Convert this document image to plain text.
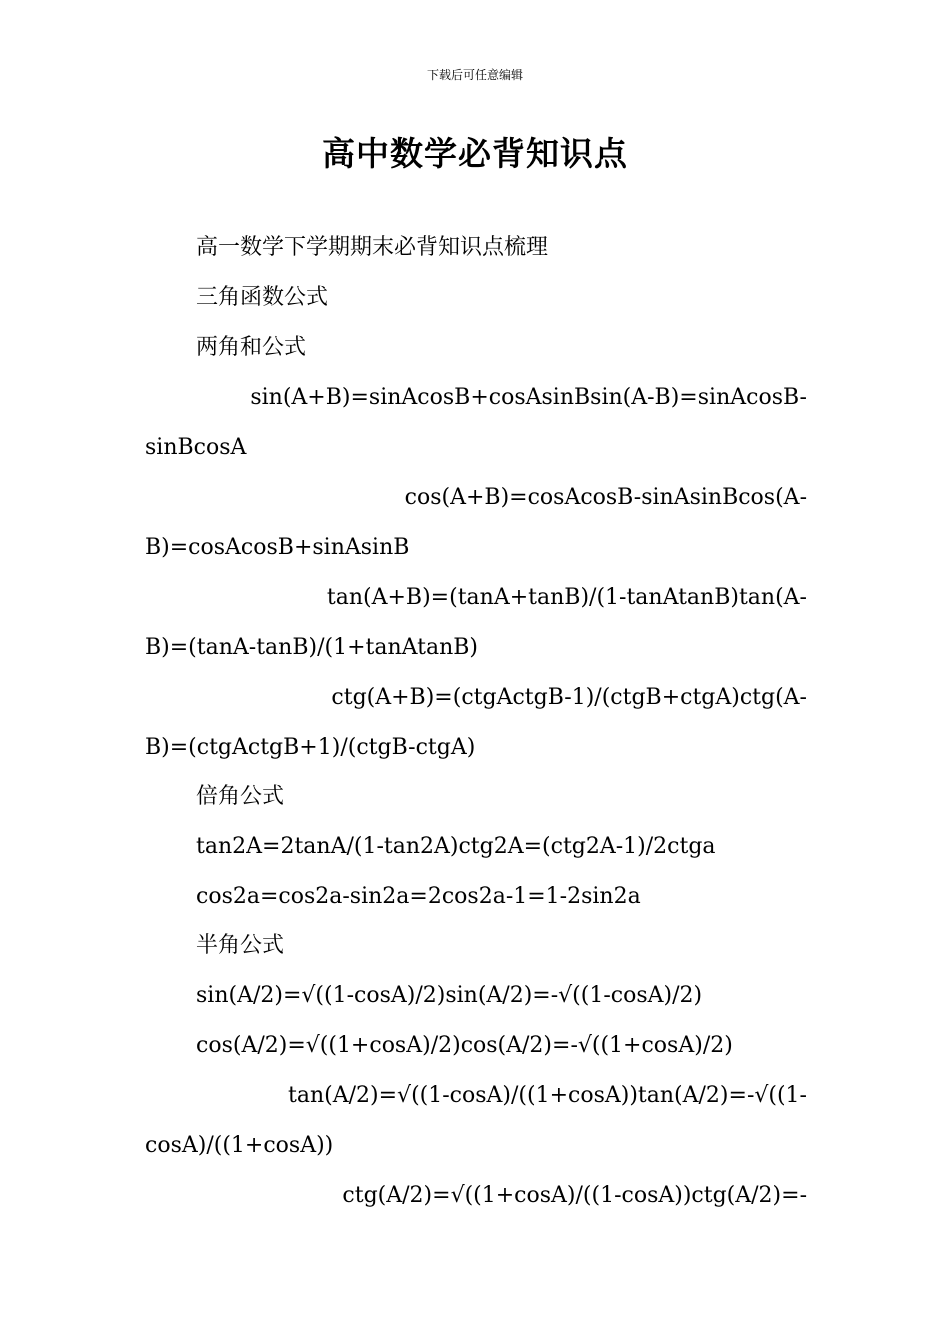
下载后可任意编辑
高中数学必背知识点
高一数学下学期期末必背知识点梳理
三角函数公式
两角和公式
sin(A+B)=sinAcosB+cosAsinBsin(A-B)=sinAcosB-
sinBcosA
cos(A+B)=cosAcosB-sinAsinBcos(A-
B)=cosAcosB+sinAsinB
tan(A+B)=(tanA+tanB)/(1-tanAtanB)tan(A-
B)=(tanA-tanB)/(1+tanAtanB)
ctg(A+B)=(ctgActgB-1)/(ctgB+ctgA)ctg(A-
B)=(ctgActgB+1)/(ctgB-ctgA)
倍角公式
tan2A=2tanA/(1-tan2A)ctg2A=(ctg2A-1)/2ctga
cos2a=cos2a-sin2a=2cos2a-1=1-2sin2a
半角公式
sin(A/2)=√((1-cosA)/2)sin(A/2)=-√((1-cosA)/2)
cos(A/2)=√((1+cosA)/2)cos(A/2)=-√((1+cosA)/2)
tan(A/2)=√((1-cosA)/((1+cosA))tan(A/2)=-√((1-
cosA)/((1+cosA))
ctg(A/2)=√((1+cosA)/((1-cosA))ctg(A/2)=-
